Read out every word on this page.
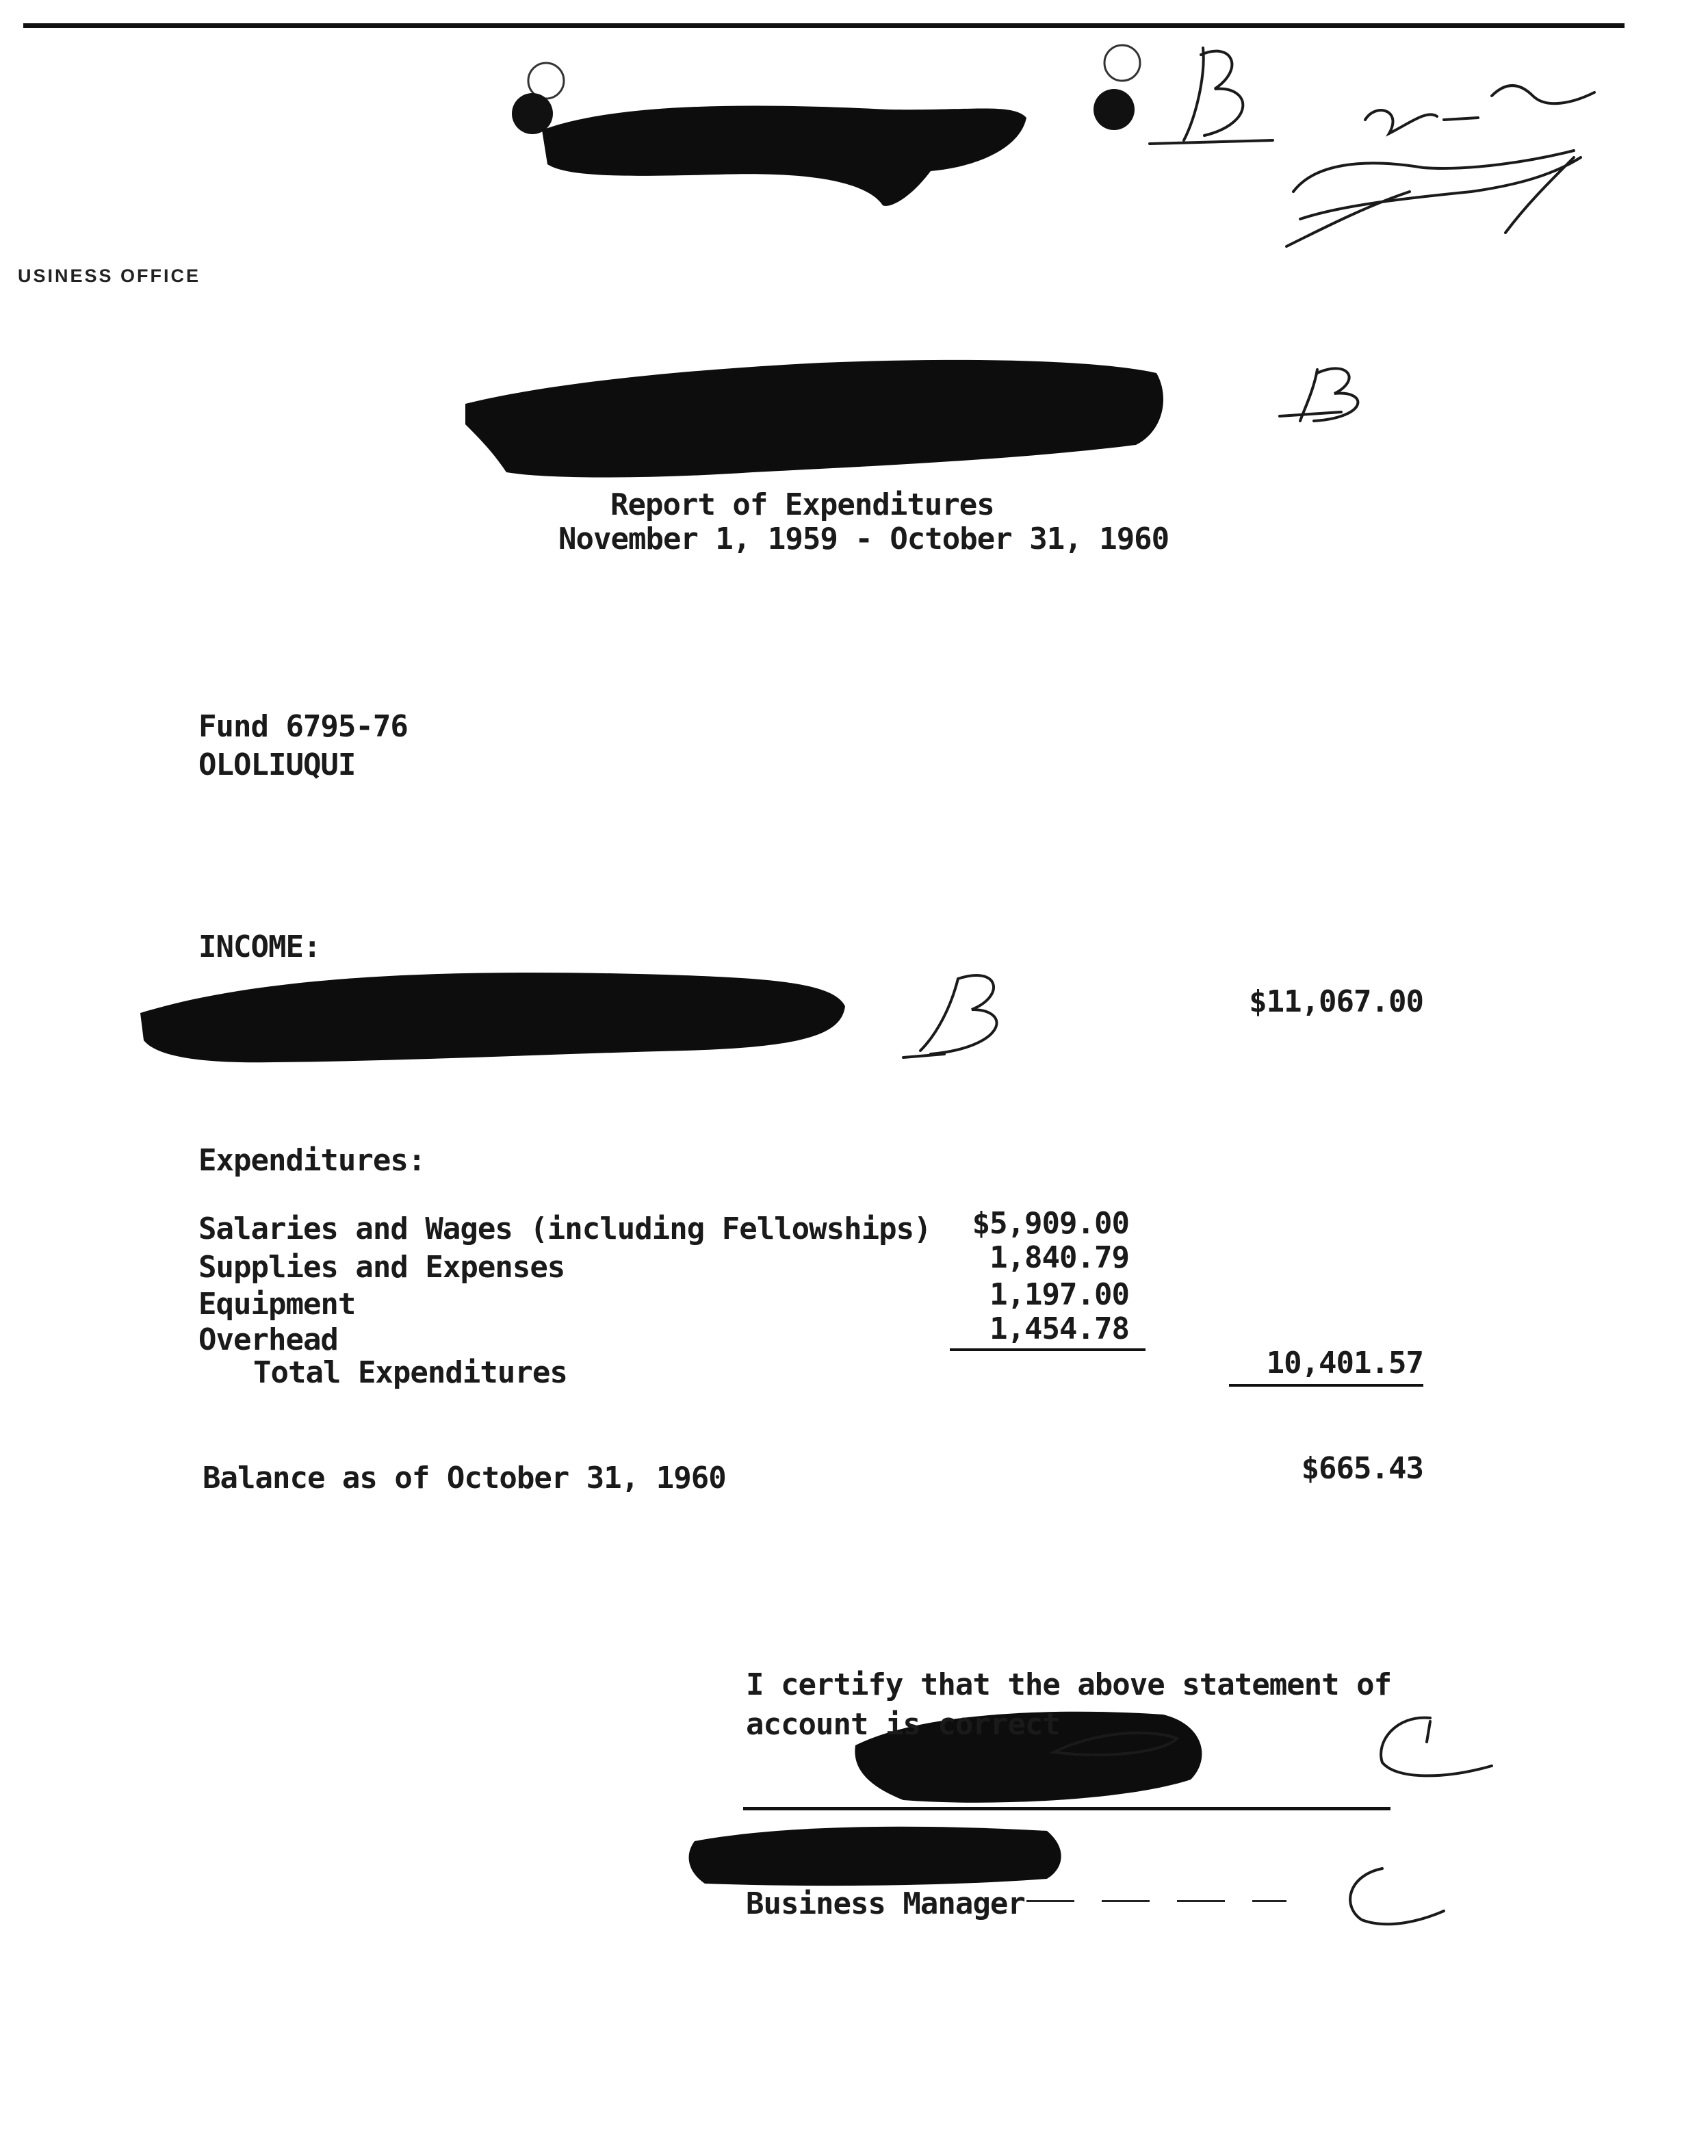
USINESS OFFICE
Report of Expenditures
November 1, 1959 - October 31, 1960
Fund 6795-76
OLOLIUQUI
INCOME:
$11,067.00
Expenditures:
Salaries and Wages (including Fellowships)	$5,909.00
Supplies and Expenses	1,840.79
Equipment	1,197.00
Overhead	1,454.78
Total Expenditures	10,401.57
Balance as of October 31, 1960	$665.43
I certify that the above statement of
account is correct
Business Manager
